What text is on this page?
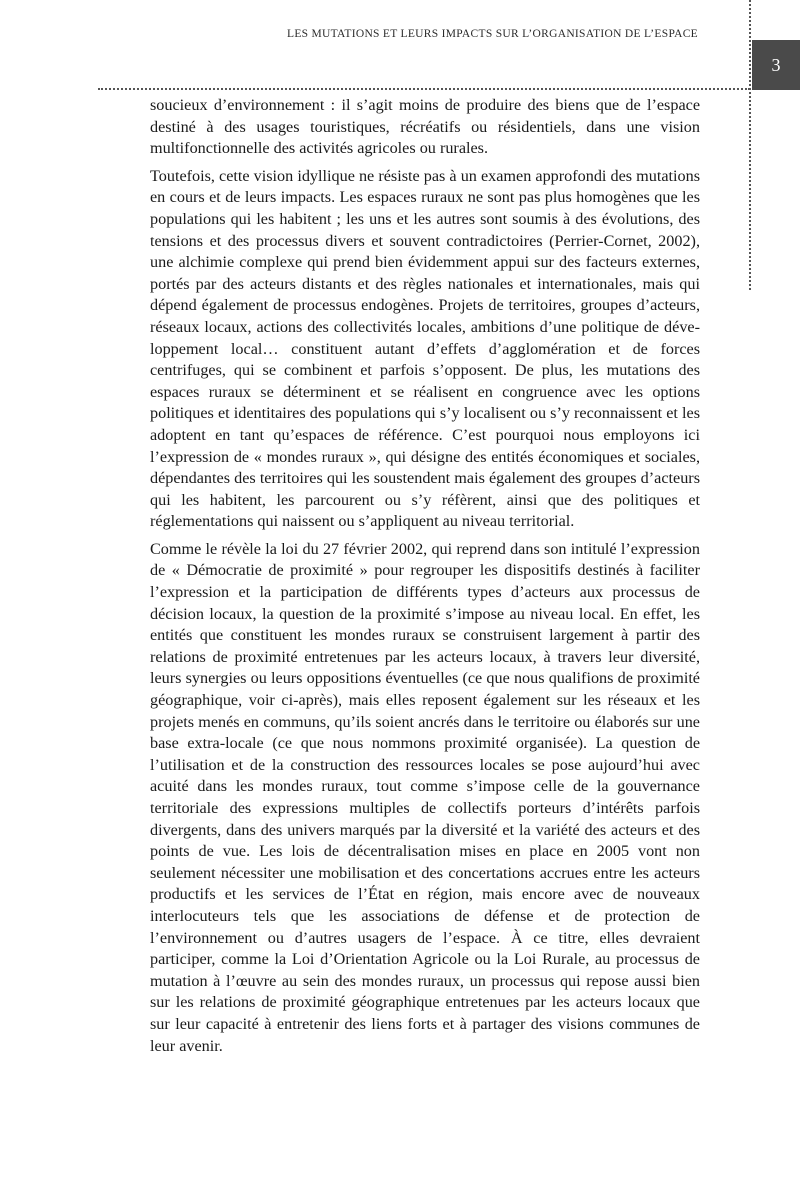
LES MUTATIONS ET LEURS IMPACTS SUR L’ORGANISATION DE L’ESPACE
3

soucieux d’environnement : il s’agit moins de produire des biens que de l’espace destiné à des usages touristiques, récréatifs ou résidentiels, dans une vision multifonctionnelle des activités agricoles ou rurales.

Toutefois, cette vision idyllique ne résiste pas à un examen approfondi des mutations en cours et de leurs impacts. Les espaces ruraux ne sont pas plus homogènes que les populations qui les habitent ; les uns et les autres sont soumis à des évolutions, des tensions et des processus divers et souvent contradictoires (Perrier-Cornet, 2002), une alchimie complexe qui prend bien évidemment appui sur des facteurs externes, portés par des acteurs distants et des règles nationales et internationales, mais qui dépend également de processus endogènes. Projets de territoires, groupes d’acteurs, réseaux locaux, actions des collectivités locales, ambitions d’une politique de développement local… constituent autant d’effets d’agglomération et de forces centrifuges, qui se combinent et parfois s’opposent. De plus, les mutations des espaces ruraux se déterminent et se réalisent en congruence avec les options politiques et identitaires des populations qui s’y localisent ou s’y reconnaissent et les adoptent en tant qu’espaces de référence. C’est pourquoi nous employons ici l’expression de « mondes ruraux », qui désigne des entités économiques et sociales, dépendantes des territoires qui les soustendent mais également des groupes d’acteurs qui les habitent, les parcourent ou s’y réfèrent, ainsi que des politiques et réglementations qui naissent ou s’appliquent au niveau territorial.

Comme le révèle la loi du 27 février 2002, qui reprend dans son intitulé l’expression de « Démocratie de proximité » pour regrouper les dispositifs destinés à faciliter l’expression et la participation de différents types d’acteurs aux processus de décision locaux, la question de la proximité s’impose au niveau local. En effet, les entités que constituent les mondes ruraux se construisent largement à partir des relations de proximité entretenues par les acteurs locaux, à travers leur diversité, leurs synergies ou leurs oppositions éventuelles (ce que nous qualifions de proximité géographique, voir ci-après), mais elles reposent également sur les réseaux et les projets menés en communs, qu’ils soient ancrés dans le territoire ou élaborés sur une base extra-locale (ce que nous nommons proximité organisée). La question de l’utilisation et de la construction des ressources locales se pose aujourd’hui avec acuité dans les mondes ruraux, tout comme s’impose celle de la gouvernance territoriale des expressions multiples de collectifs porteurs d’intérêts parfois divergents, dans des univers marqués par la diversité et la variété des acteurs et des points de vue. Les lois de décentralisation mises en place en 2005 vont non seulement nécessiter une mobilisation et des concertations accrues entre les acteurs productifs et les services de l’État en région, mais encore avec de nouveaux interlocuteurs tels que les associations de défense et de protection de l’environnement ou d’autres usagers de l’espace. À ce titre, elles devraient participer, comme la Loi d’Orientation Agricole ou la Loi Rurale, au processus de mutation à l’œuvre au sein des mondes ruraux, un processus qui repose aussi bien sur les relations de proximité géographique entretenues par les acteurs locaux que sur leur capacité à entretenir des liens forts et à partager des visions communes de leur avenir.
